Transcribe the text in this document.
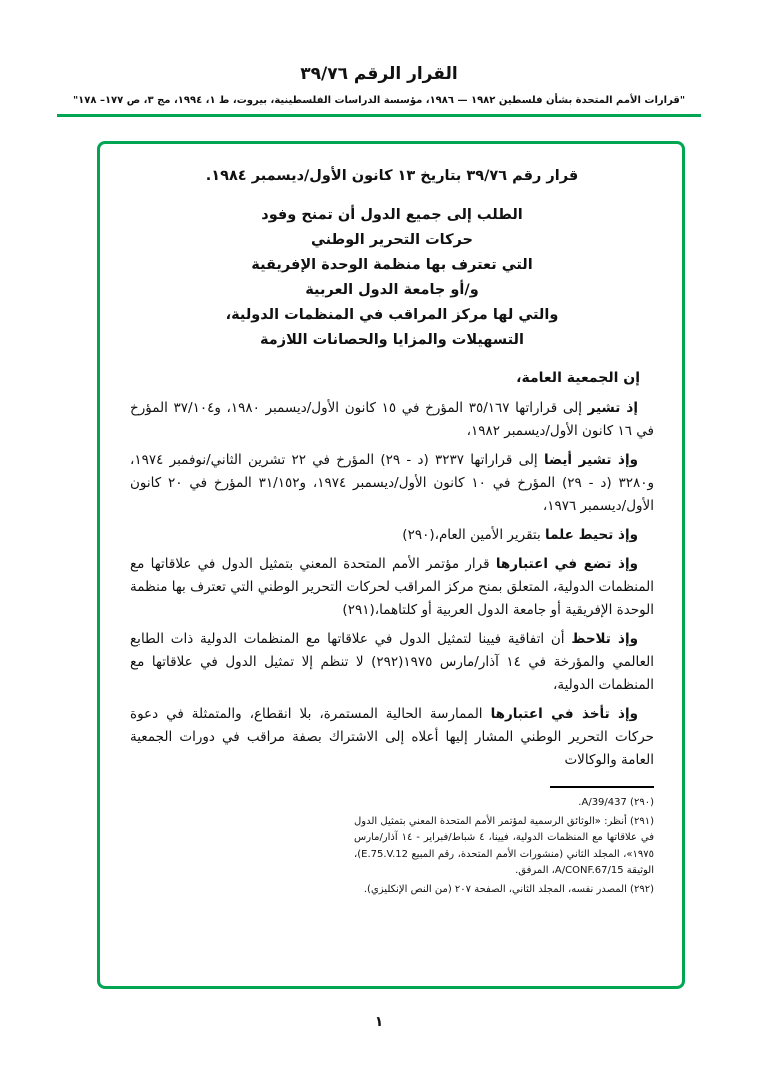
القرار الرقم ٣٩/٧٦
"قرارات الأمم المتحدة بشأن فلسطين ١٩٨٢ — ١٩٨٦، مؤسسة الدراسات الفلسطينية، بيروت، ط ١، ١٩٩٤، مج ٣، ص ١٧٧– ١٧٨"

قرار رقم ٣٩/٧٦ بتاريخ ١٣ كانون الأول/ديسمبر ١٩٨٤.

الطلب إلى جميع الدول أن تمنح وفود
حركات التحرير الوطني
التي تعترف بها منظمة الوحدة الإفريقية
و/أو جامعة الدول العربية
والتي لها مركز المراقب في المنظمات الدولية،
التسهيلات والمزايا والحصانات اللازمة

إن الجمعية العامة،

إذ تشير إلى قراراتها ٣٥/١٦٧ المؤرخ في ١٥ كانون الأول/ديسمبر ١٩٨٠، و٣٧/١٠٤ المؤرخ في ١٦ كانون الأول/ديسمبر ١٩٨٢،

وإذ تشير أيضا إلى قراراتها ٣٢٣٧ (د - ٢٩) المؤرخ في ٢٢ تشرين الثاني/نوفمبر ١٩٧٤، و٣٢٨٠ (د - ٢٩) المؤرخ في ١٠ كانون الأول/ديسمبر ١٩٧٤، و٣١/١٥٢ المؤرخ في ٢٠ كانون الأول/ديسمبر ١٩٧٦،

وإذ تحيط علما بتقرير الأمين العام،(٢٩٠)

وإذ تضع في اعتبارها قرار مؤتمر الأمم المتحدة المعني بتمثيل الدول في علاقاتها مع المنظمات الدولية، المتعلق بمنح مركز المراقب لحركات التحرير الوطني التي تعترف بها منظمة الوحدة الإفريقية أو جامعة الدول العربية أو كلتاهما،(٢٩١)

وإذ تلاحظ أن اتفاقية فيينا لتمثيل الدول في علاقاتها مع المنظمات الدولية ذات الطابع العالمي والمؤرخة في ١٤ آذار/مارس ١٩٧٥(٢٩٢) لا تنظم إلا تمثيل الدول في علاقاتها مع المنظمات الدولية،

وإذ تأخذ في اعتبارها الممارسة الحالية المستمرة، بلا انقطاع، والمتمثلة في دعوة حركات التحرير الوطني المشار إليها أعلاه إلى الاشتراك بصفة مراقب في دورات الجمعية العامة والوكالات

(٢٩٠) A/39/437.
(٢٩١) أنظر: «الوثائق الرسمية لمؤتمر الأمم المتحدة المعني بتمثيل الدول في علاقاتها مع المنظمات الدولية، فيينا، ٤ شباط/فبراير - ١٤ آذار/مارس ١٩٧٥»، المجلد الثاني (منشورات الأمم المتحدة، رقم المبيع E.75.V.12)، الوثيقة A/CONF.67/15، المرفق.
(٢٩٢) المصدر نفسه، المجلد الثاني، الصفحة ٢٠٧ (من النص الإنكليزي).
١
